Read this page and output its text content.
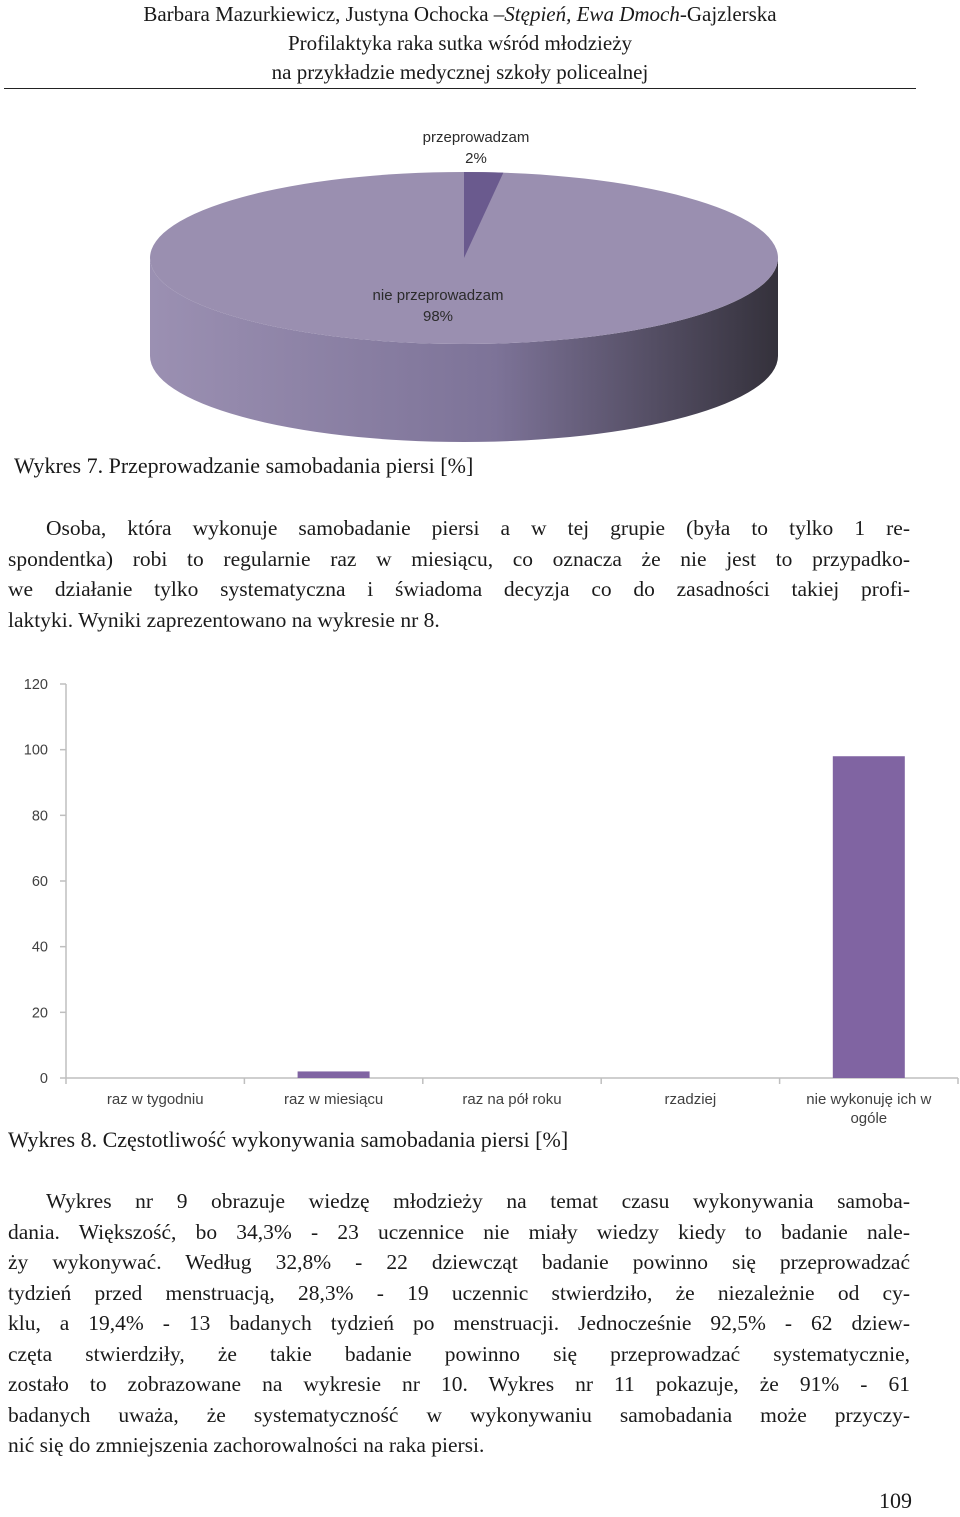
Barbara Mazurkiewicz, Justyna Ochocka –Stępień, Ewa Dmoch-Gajzlerska
Profilaktyka raka sutka wśród młodzieży
na przykładzie medycznej szkoły policealnej
przeprowadzam
2%
nie przeprowadzam
98%
Wykres 7. Przeprowadzanie samobadania piersi [%]
Osoba, która wykonuje samobadanie piersi a w tej grupie (była to tylko 1 re-
spondentka) robi to regularnie raz w miesiącu, co oznacza że nie jest to przypadko-
we działanie tylko systematyczna i świadoma decyzja co do zasadności takiej profi-
laktyki. Wyniki zaprezentowano na wykresie nr 8.
0
20
40
60
80
100
120
raz w tygodniu	raz w miesiącu	raz na pół roku	rzadziej	nie wykonuję ich w
ogóle
Wykres 8. Częstotliwość wykonywania samobadania piersi [%]
Wykres nr 9 obrazuje wiedzę młodzieży na temat czasu wykonywania samoba-
dania. Większość, bo 34,3% - 23 uczennice nie miały wiedzy kiedy to badanie nale-
ży wykonywać. Według 32,8% - 22 dziewcząt badanie powinno się przeprowadzać
tydzień przed menstruacją, 28,3% - 19 uczennic stwierdziło, że niezależnie od cy-
klu, a 19,4% - 13 badanych tydzień po menstruacji. Jednocześnie 92,5% - 62 dziew-
częta stwierdziły, że takie badanie powinno się przeprowadzać systematycznie,
zostało to zobrazowane na wykresie nr 10. Wykres nr 11 pokazuje, że 91% - 61
badanych uważa, że systematyczność w wykonywaniu samobadania może przyczy-
nić się do zmniejszenia zachorowalności na raka piersi.
109
